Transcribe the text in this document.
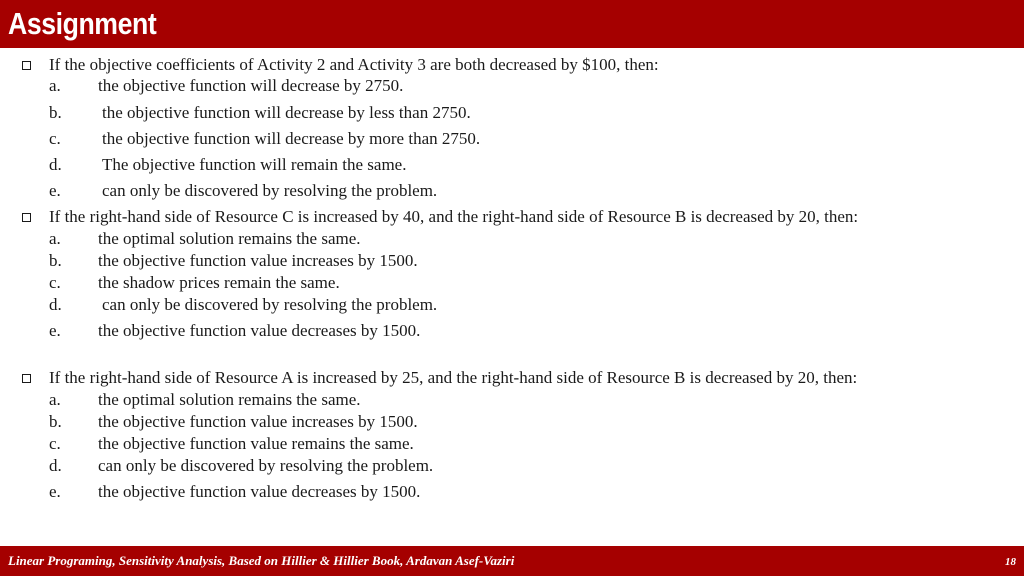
Assignment
If the objective coefficients of Activity 2 and Activity 3 are both decreased by $100, then:
a. the objective function will decrease by 2750.
b. the objective function will decrease by less than 2750.
c. the objective function will decrease by more than 2750.
d. The objective function will remain the same.
e. can only be discovered by resolving the problem.
If the right-hand side of Resource C is increased by 40, and the right-hand side of Resource B is decreased by 20, then:
a. the optimal solution remains the same.
b. the objective function value increases by 1500.
c. the shadow prices remain the same.
d. can only be discovered by resolving the problem.
e. the objective function value decreases by 1500.
If the right-hand side of Resource A is increased by 25, and the right-hand side of Resource B is decreased by 20, then:
a. the optimal solution remains the same.
b. the objective function value increases by 1500.
c. the objective function value remains the same.
d. can only be discovered by resolving the problem.
e. the objective function value decreases by 1500.
Linear Programing, Sensitivity Analysis, Based on Hillier & Hillier Book, Ardavan Asef-Vaziri	18
